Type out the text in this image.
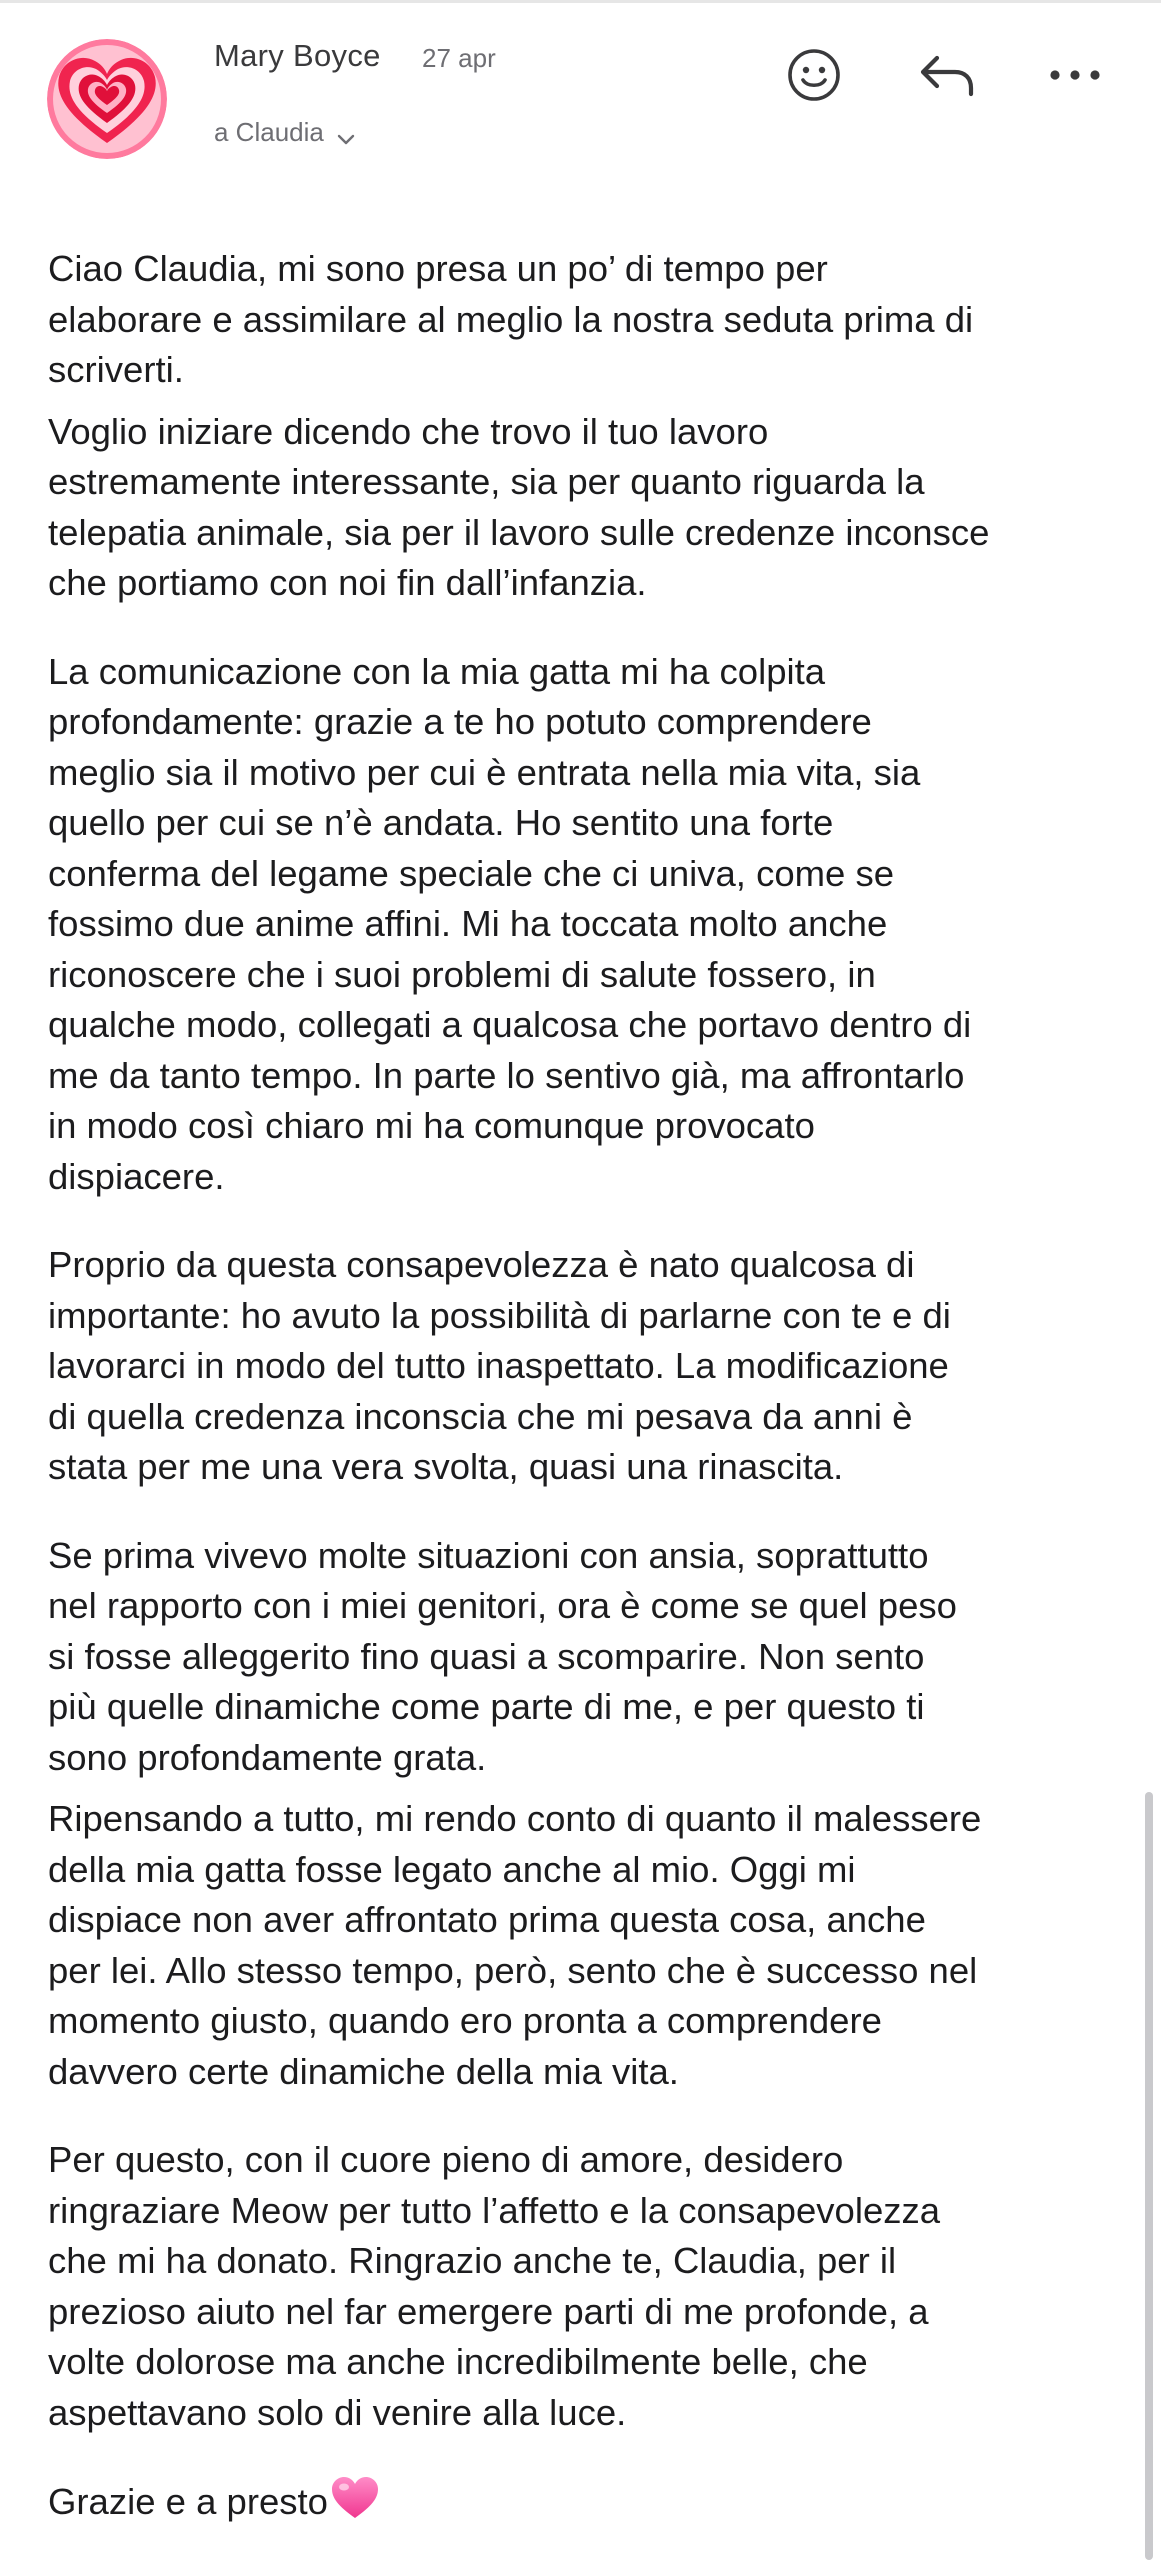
Mary Boyce 27 apr
a Claudia

Ciao Claudia, mi sono presa un po’ di tempo per
elaborare e assimilare al meglio la nostra seduta prima di
scriverti.

Voglio iniziare dicendo che trovo il tuo lavoro
estremamente interessante, sia per quanto riguarda la
telepatia animale, sia per il lavoro sulle credenze inconsce
che portiamo con noi fin dall’infanzia.

La comunicazione con la mia gatta mi ha colpita
profondamente: grazie a te ho potuto comprendere
meglio sia il motivo per cui è entrata nella mia vita, sia
quello per cui se n’è andata. Ho sentito una forte
conferma del legame speciale che ci univa, come se
fossimo due anime affini. Mi ha toccata molto anche
riconoscere che i suoi problemi di salute fossero, in
qualche modo, collegati a qualcosa che portavo dentro di
me da tanto tempo. In parte lo sentivo già, ma affrontarlo
in modo così chiaro mi ha comunque provocato
dispiacere.

Proprio da questa consapevolezza è nato qualcosa di
importante: ho avuto la possibilità di parlarne con te e di
lavorarci in modo del tutto inaspettato. La modificazione
di quella credenza inconscia che mi pesava da anni è
stata per me una vera svolta, quasi una rinascita.

Se prima vivevo molte situazioni con ansia, soprattutto
nel rapporto con i miei genitori, ora è come se quel peso
si fosse alleggerito fino quasi a scomparire. Non sento
più quelle dinamiche come parte di me, e per questo ti
sono profondamente grata.

Ripensando a tutto, mi rendo conto di quanto il malessere
della mia gatta fosse legato anche al mio. Oggi mi
dispiace non aver affrontato prima questa cosa, anche
per lei. Allo stesso tempo, però, sento che è successo nel
momento giusto, quando ero pronta a comprendere
davvero certe dinamiche della mia vita.

Per questo, con il cuore pieno di amore, desidero
ringraziare Meow per tutto l’affetto e la consapevolezza
che mi ha donato. Ringrazio anche te, Claudia, per il
prezioso aiuto nel far emergere parti di me profonde, a
volte dolorose ma anche incredibilmente belle, che
aspettavano solo di venire alla luce.

Grazie e a presto
